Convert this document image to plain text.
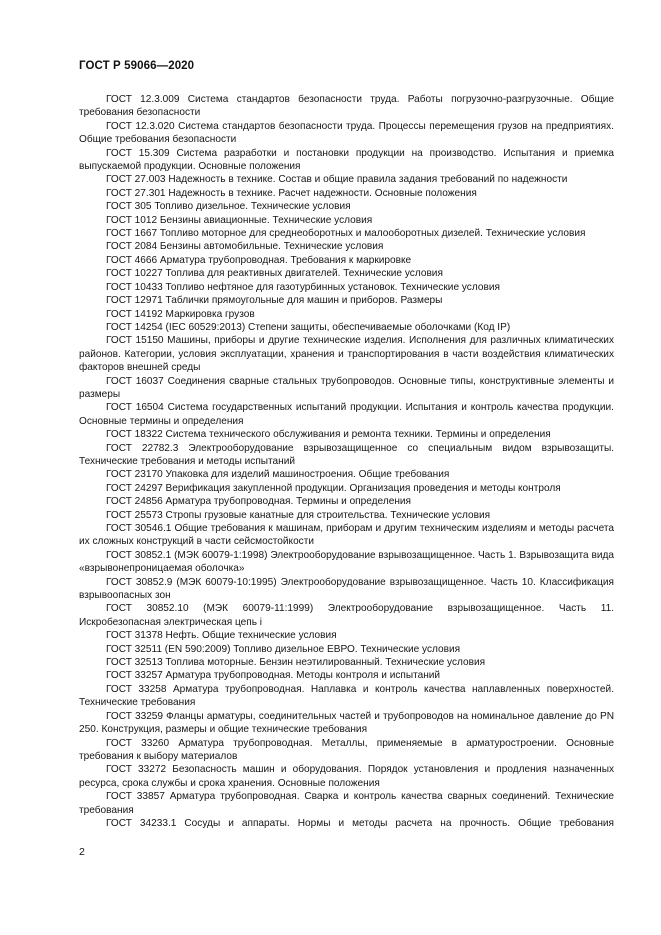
ГОСТ Р 59066—2020

ГОСТ 12.3.009 Система стандартов безопасности труда. Работы погрузочно-разгрузочные. Общие требования безопасности

ГОСТ 12.3.020 Система стандартов безопасности труда. Процессы перемещения грузов на предприятиях. Общие требования безопасности

ГОСТ 15.309 Система разработки и постановки продукции на производство. Испытания и приемка выпускаемой продукции. Основные положения

ГОСТ 27.003 Надежность в технике. Состав и общие правила задания требований по надежности

ГОСТ 27.301 Надежность в технике. Расчет надежности. Основные положения

ГОСТ 305 Топливо дизельное. Технические условия

ГОСТ 1012 Бензины авиационные. Технические условия

ГОСТ 1667 Топливо моторное для среднеоборотных и малооборотных дизелей. Технические условия

ГОСТ 2084 Бензины автомобильные. Технические условия

ГОСТ 4666 Арматура трубопроводная. Требования к маркировке

ГОСТ 10227 Топлива для реактивных двигателей. Технические условия

ГОСТ 10433 Топливо нефтяное для газотурбинных установок. Технические условия

ГОСТ 12971 Таблички прямоугольные для машин и приборов. Размеры

ГОСТ 14192 Маркировка грузов

ГОСТ 14254 (IEC 60529:2013) Степени защиты, обеспечиваемые оболочками (Код IP)

ГОСТ 15150 Машины, приборы и другие технические изделия. Исполнения для различных климатических районов. Категории, условия эксплуатации, хранения и транспортирования в части воздействия климатических факторов внешней среды

ГОСТ 16037 Соединения сварные стальных трубопроводов. Основные типы, конструктивные элементы и размеры

ГОСТ 16504 Система государственных испытаний продукции. Испытания и контроль качества продукции. Основные термины и определения

ГОСТ 18322 Система технического обслуживания и ремонта техники. Термины и определения

ГОСТ 22782.3 Электрооборудование взрывозащищенное со специальным видом взрывозащиты. Технические требования и методы испытаний

ГОСТ 23170 Упаковка для изделий машиностроения. Общие требования

ГОСТ 24297 Верификация закупленной продукции. Организация проведения и методы контроля

ГОСТ 24856 Арматура трубопроводная. Термины и определения

ГОСТ 25573 Стропы грузовые канатные для строительства. Технические условия

ГОСТ 30546.1 Общие требования к машинам, приборам и другим техническим изделиям и методы расчета их сложных конструкций в части сейсмостойкости

ГОСТ 30852.1 (МЭК 60079-1:1998) Электрооборудование взрывозащищенное. Часть 1. Взрывозащита вида «взрывонепроницаемая оболочка»

ГОСТ 30852.9 (МЭК 60079-10:1995) Электрооборудование взрывозащищенное. Часть 10. Классификация взрывоопасных зон

ГОСТ 30852.10 (МЭК 60079-11:1999) Электрооборудование взрывозащищенное. Часть 11. Искробезопасная электрическая цепь i

ГОСТ 31378 Нефть. Общие технические условия

ГОСТ 32511 (EN 590:2009) Топливо дизельное ЕВРО. Технические условия

ГОСТ 32513 Топлива моторные. Бензин неэтилированный. Технические условия

ГОСТ 33257 Арматура трубопроводная. Методы контроля и испытаний

ГОСТ 33258 Арматура трубопроводная. Наплавка и контроль качества наплавленных поверхностей. Технические требования

ГОСТ 33259 Фланцы арматуры, соединительных частей и трубопроводов на номинальное давление до PN 250. Конструкция, размеры и общие технические требования

ГОСТ 33260 Арматура трубопроводная. Металлы, применяемые в арматуростроении. Основные требования к выбору материалов

ГОСТ 33272 Безопасность машин и оборудования. Порядок установления и продления назначенных ресурса, срока службы и срока хранения. Основные положения

ГОСТ 33857 Арматура трубопроводная. Сварка и контроль качества сварных соединений. Технические требования

ГОСТ 34233.1 Сосуды и аппараты. Нормы и методы расчета на прочность. Общие требования

2
